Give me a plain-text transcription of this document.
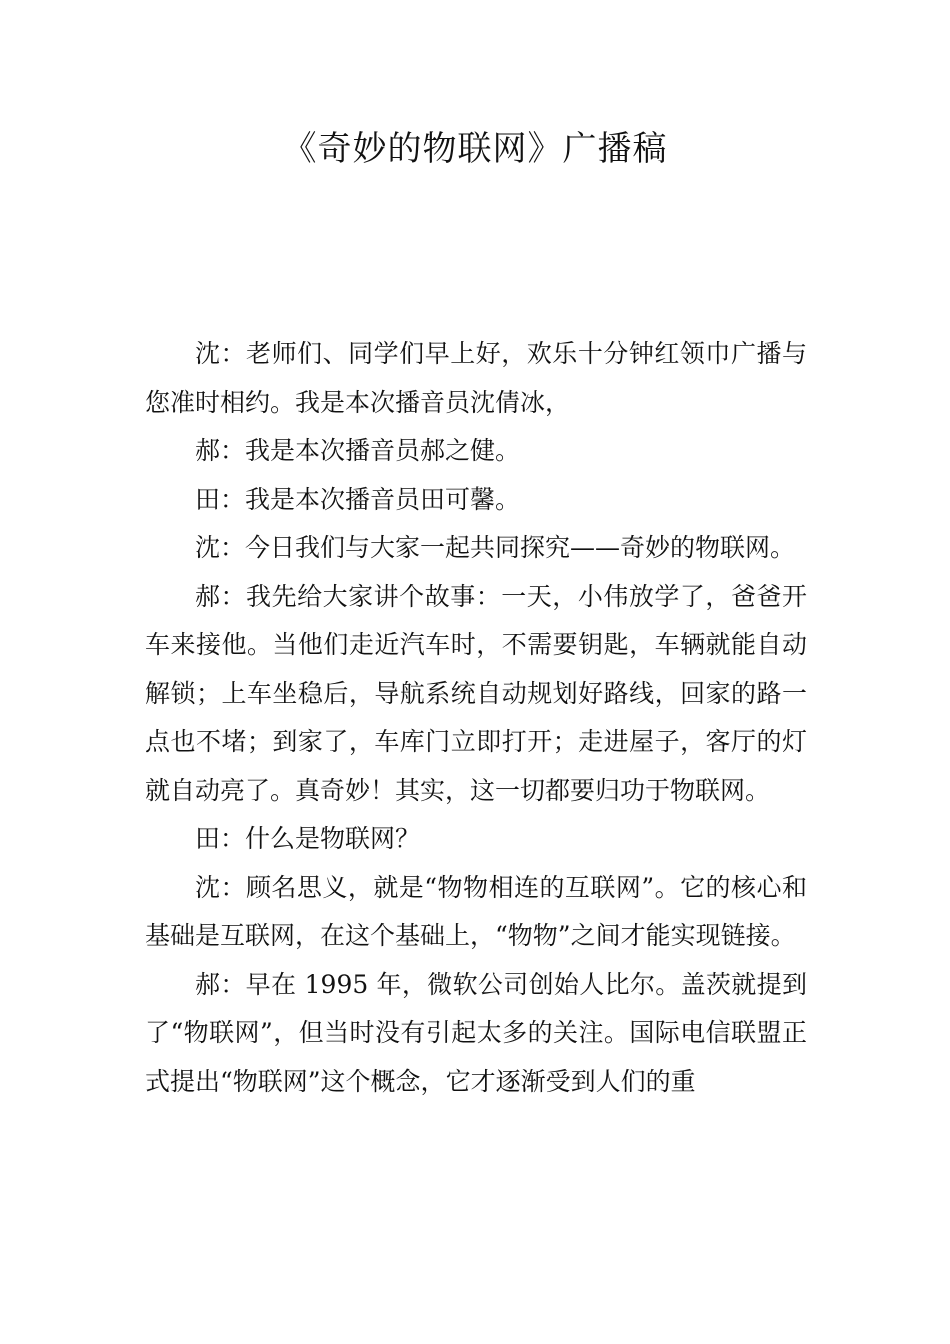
《奇妙的物联网》广播稿

沈：老师们、同学们早上好，欢乐十分钟红领巾广播与您准时相约。我是本次播音员沈倩冰，

郝：我是本次播音员郝之健。

田：我是本次播音员田可馨。

沈：今日我们与大家一起共同探究——奇妙的物联网。

郝：我先给大家讲个故事：一天，小伟放学了，爸爸开车来接他。当他们走近汽车时，不需要钥匙，车辆就能自动解锁；上车坐稳后，导航系统自动规划好路线，回家的路一点也不堵；到家了，车库门立即打开；走进屋子，客厅的灯就自动亮了。真奇妙！其实，这一切都要归功于物联网。

田：什么是物联网？

沈：顾名思义，就是“物物相连的互联网”。它的核心和基础是互联网，在这个基础上，“物物”之间才能实现链接。

郝：早在 1995 年，微软公司创始人比尔。盖茨就提到了“物联网”，但当时没有引起太多的关注。国际电信联盟正式提出“物联网”这个概念，它才逐渐受到人们的重
